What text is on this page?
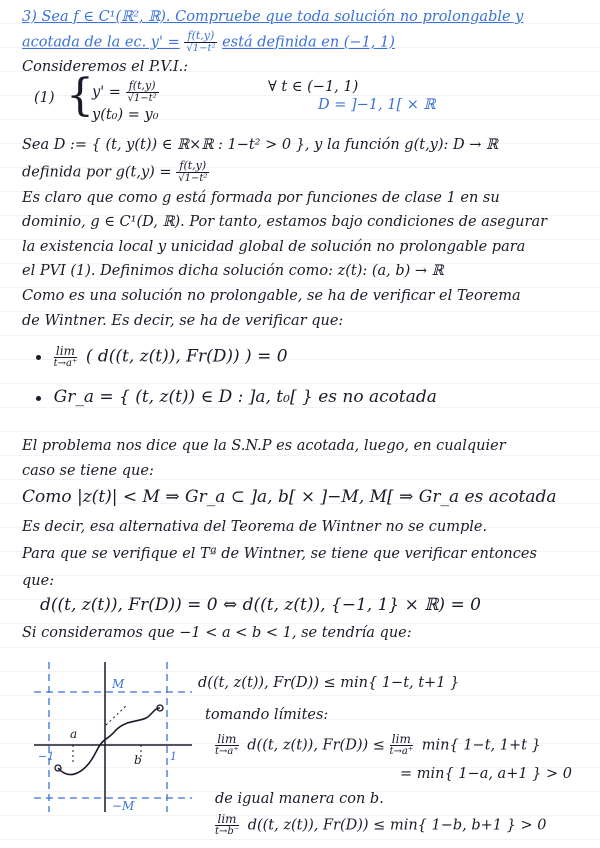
3) Sea f ∈ C¹(ℝ², ℝ). Compruebe que toda solución no prolongable y
acotada de la ec. $y' = \frac{f(t,y)}{\text{√1−t²}}$ está definida en (−1, 1)
Consideremos el P.V.I.:
(1) {
$y' = \frac{f(t,y)}{\text{√1−t²}}$	∀ t ∈ (−1, 1)
y(t₀) = y₀
D = ]−1, 1[ × ℝ
Sea D := { (t, y(t)) ∈ ℝ×ℝ : 1−t² > 0 }, y la función g(t,y): D → ℝ
definida por $g(t,y) = \frac{f(t,y)}{\text{√1−t²}}$
Es claro que como g está formada por funciones de clase 1 en su
dominio, g ∈ C¹(D, ℝ). Por tanto, estamos bajo condiciones de asegurar
la existencia local y unicidad global de solución no prolongable para
el PVI (1). Definimos dicha solución como: z(t): (a, b) → ℝ
Como es una solución no prolongable, se ha de verificar el Teorema
de Wintner. Es decir, se ha de verificar que:

lim
t→a⁺ ( d((t, z(t)), Fr(D)) ) = 0
Gr_a = { (t, z(t)) ∈ D : ]a, t₀[ } es no acotada
El problema nos dice que la S.N.P es acotada, luego, en cualquier
caso se tiene que:
Como |z(t)| < M ⇒ Gr_a ⊂ ]a, b[ × ]−M, M[ ⇒ Gr_a es acotada
Es decir, esa alternativa del Teorema de Wintner no se cumple.
Para que se verifique el Tª de Wintner, se tiene que verificar entonces
que:
d((t, z(t)), Fr(D)) = 0 ⇔ d((t, z(t)), {−1, 1} × ℝ) = 0
Si consideramos que −1 < a < b < 1, se tendría que:
M
−M
a
b
−1	1
d((t, z(t)), Fr(D)) ≤ min{ 1−t, t+1 }
tomando límites:
lim
t→a⁺ d((t, z(t)), Fr(D)) ≤ lim
t→a⁺ min{ 1−t, 1+t }
= min{ 1−a, a+1 } > 0
de igual manera con b.
lim
t→b⁻ d((t, z(t)), Fr(D)) ≤ min{ 1−b, b+1 } > 0
